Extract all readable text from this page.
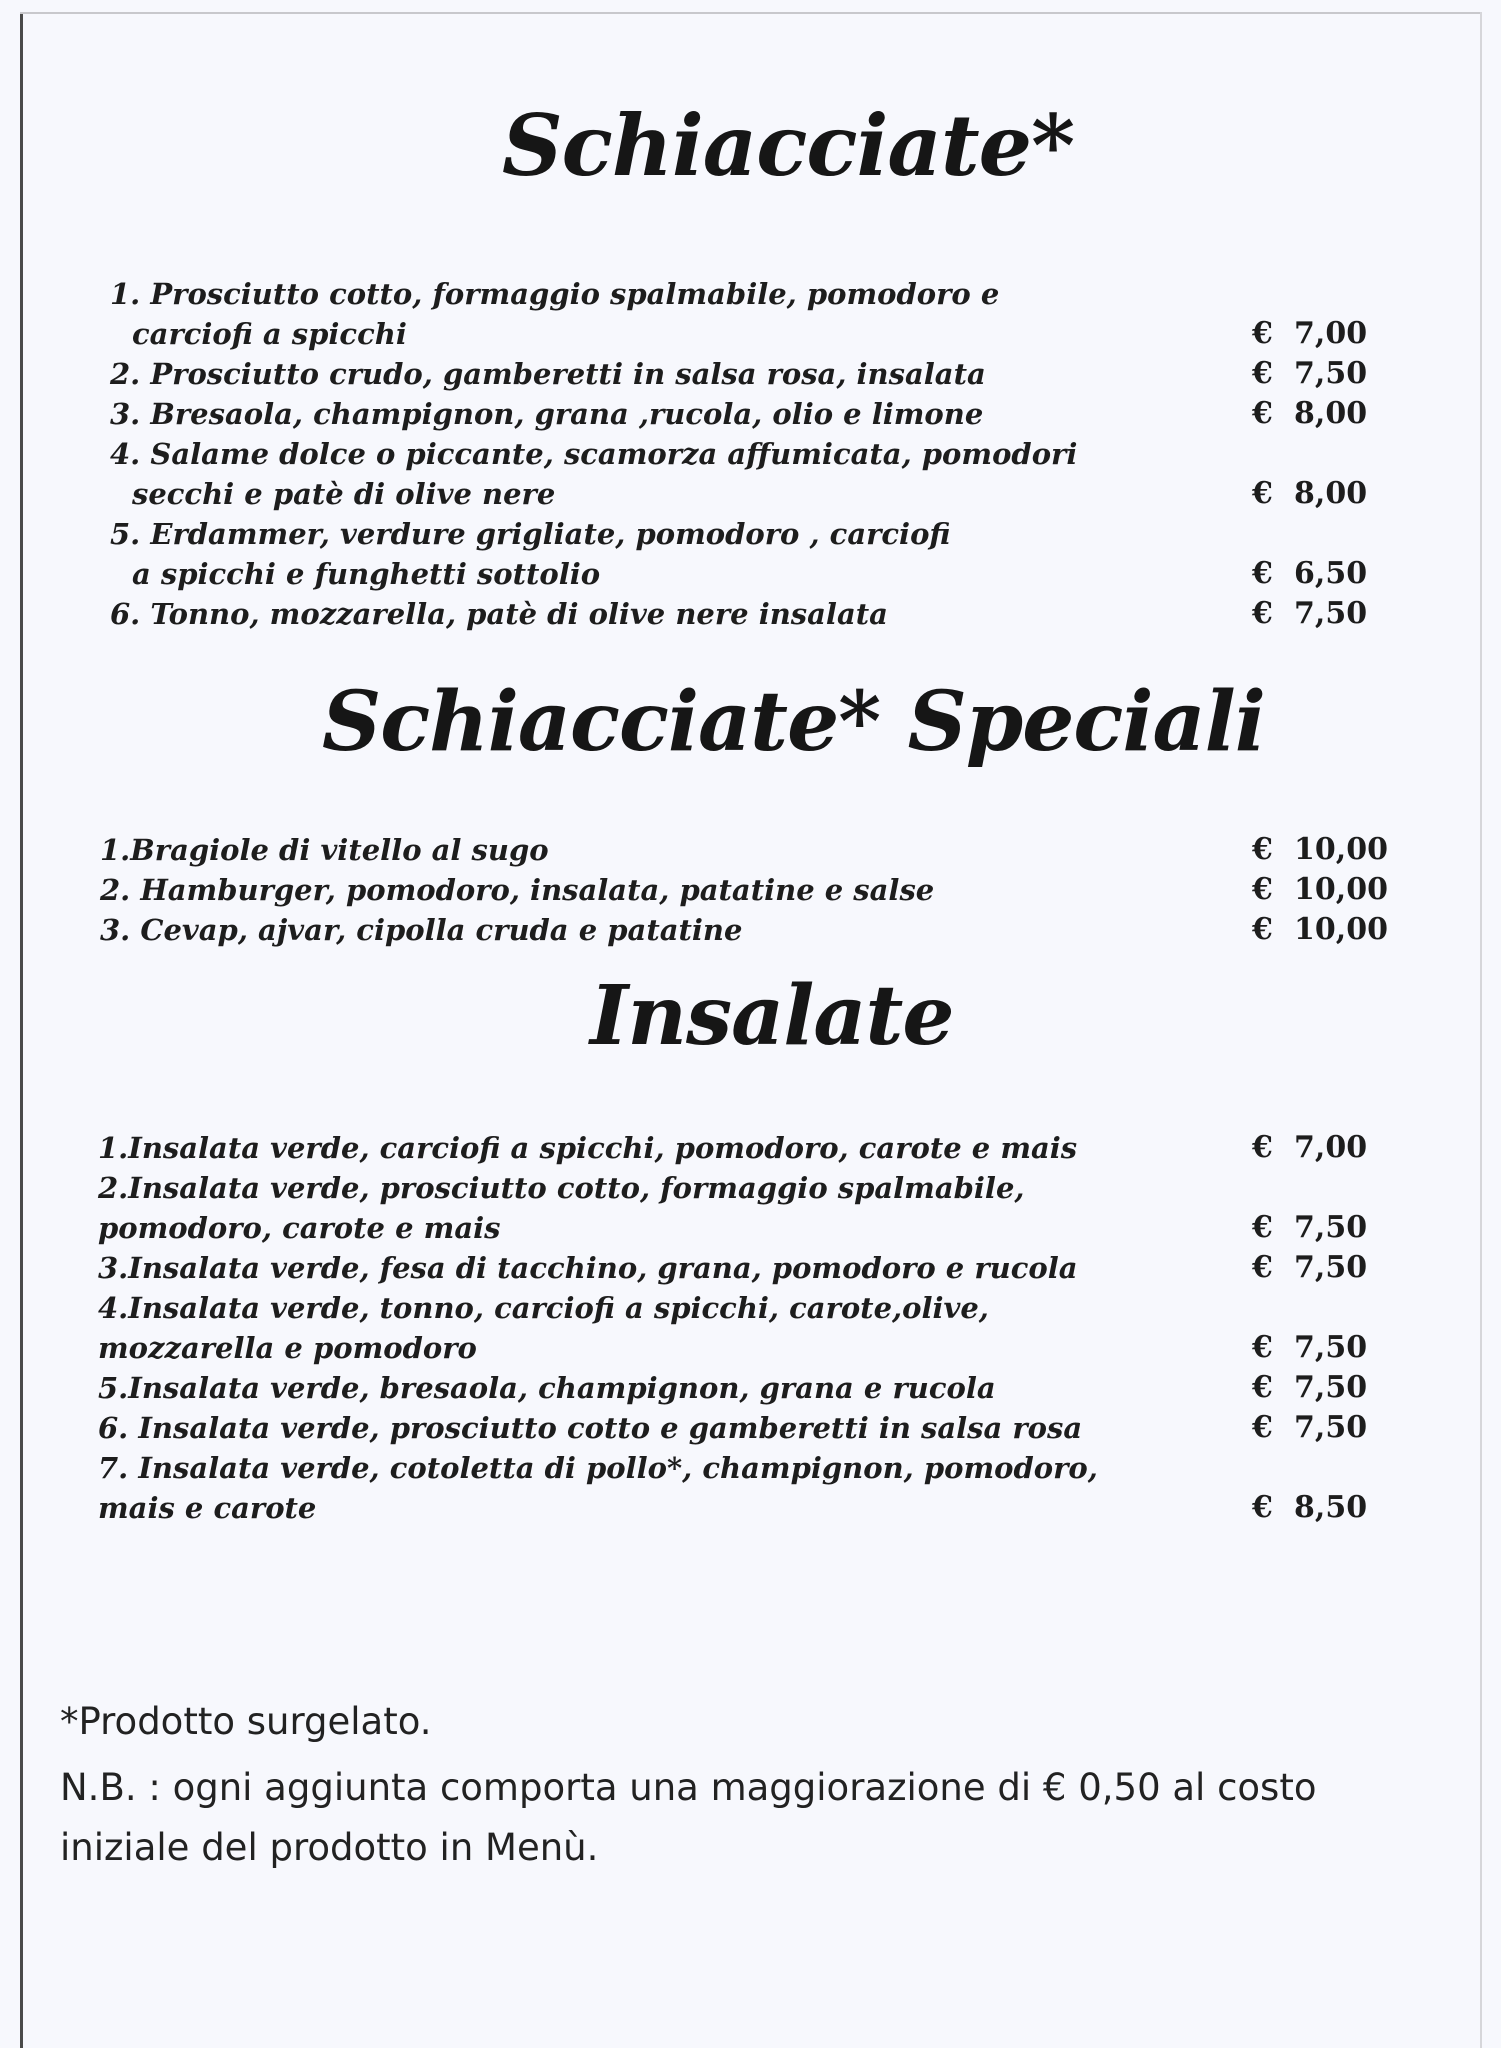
Schiacciate*
1. Prosciutto cotto, formaggio spalmabile, pomodoro e
carciofi a spicchi	€ 7,00
2. Prosciutto crudo, gamberetti in salsa rosa, insalata	€ 7,50
3. Bresaola, champignon, grana ,rucola, olio e limone	€ 8,00
4. Salame dolce o piccante, scamorza affumicata, pomodori
secchi e patè di olive nere	€ 8,00
5. Erdammer, verdure grigliate, pomodoro , carciofi
a spicchi e funghetti sottolio	€ 6,50
6. Tonno, mozzarella, patè di olive nere insalata	€ 7,50
Schiacciate* Speciali
1.Bragiole di vitello al sugo	€ 10,00
2. Hamburger, pomodoro, insalata, patatine e salse	€ 10,00
3. Cevap, ajvar, cipolla cruda e patatine	€ 10,00
Insalate
1.Insalata verde, carciofi a spicchi, pomodoro, carote e mais	€ 7,00
2.Insalata verde, prosciutto cotto, formaggio spalmabile,
pomodoro, carote e mais	€ 7,50
3.Insalata verde, fesa di tacchino, grana, pomodoro e rucola	€ 7,50
4.Insalata verde, tonno, carciofi a spicchi, carote,olive,
mozzarella e pomodoro	€ 7,50
5.Insalata verde, bresaola, champignon, grana e rucola	€ 7,50
6. Insalata verde, prosciutto cotto e gamberetti in salsa rosa	€ 7,50
7. Insalata verde, cotoletta di pollo*, champignon, pomodoro,
mais e carote	€ 8,50
*Prodotto surgelato.
N.B. : ogni aggiunta comporta una maggiorazione di € 0,50 al costo
iniziale del prodotto in Menù.
